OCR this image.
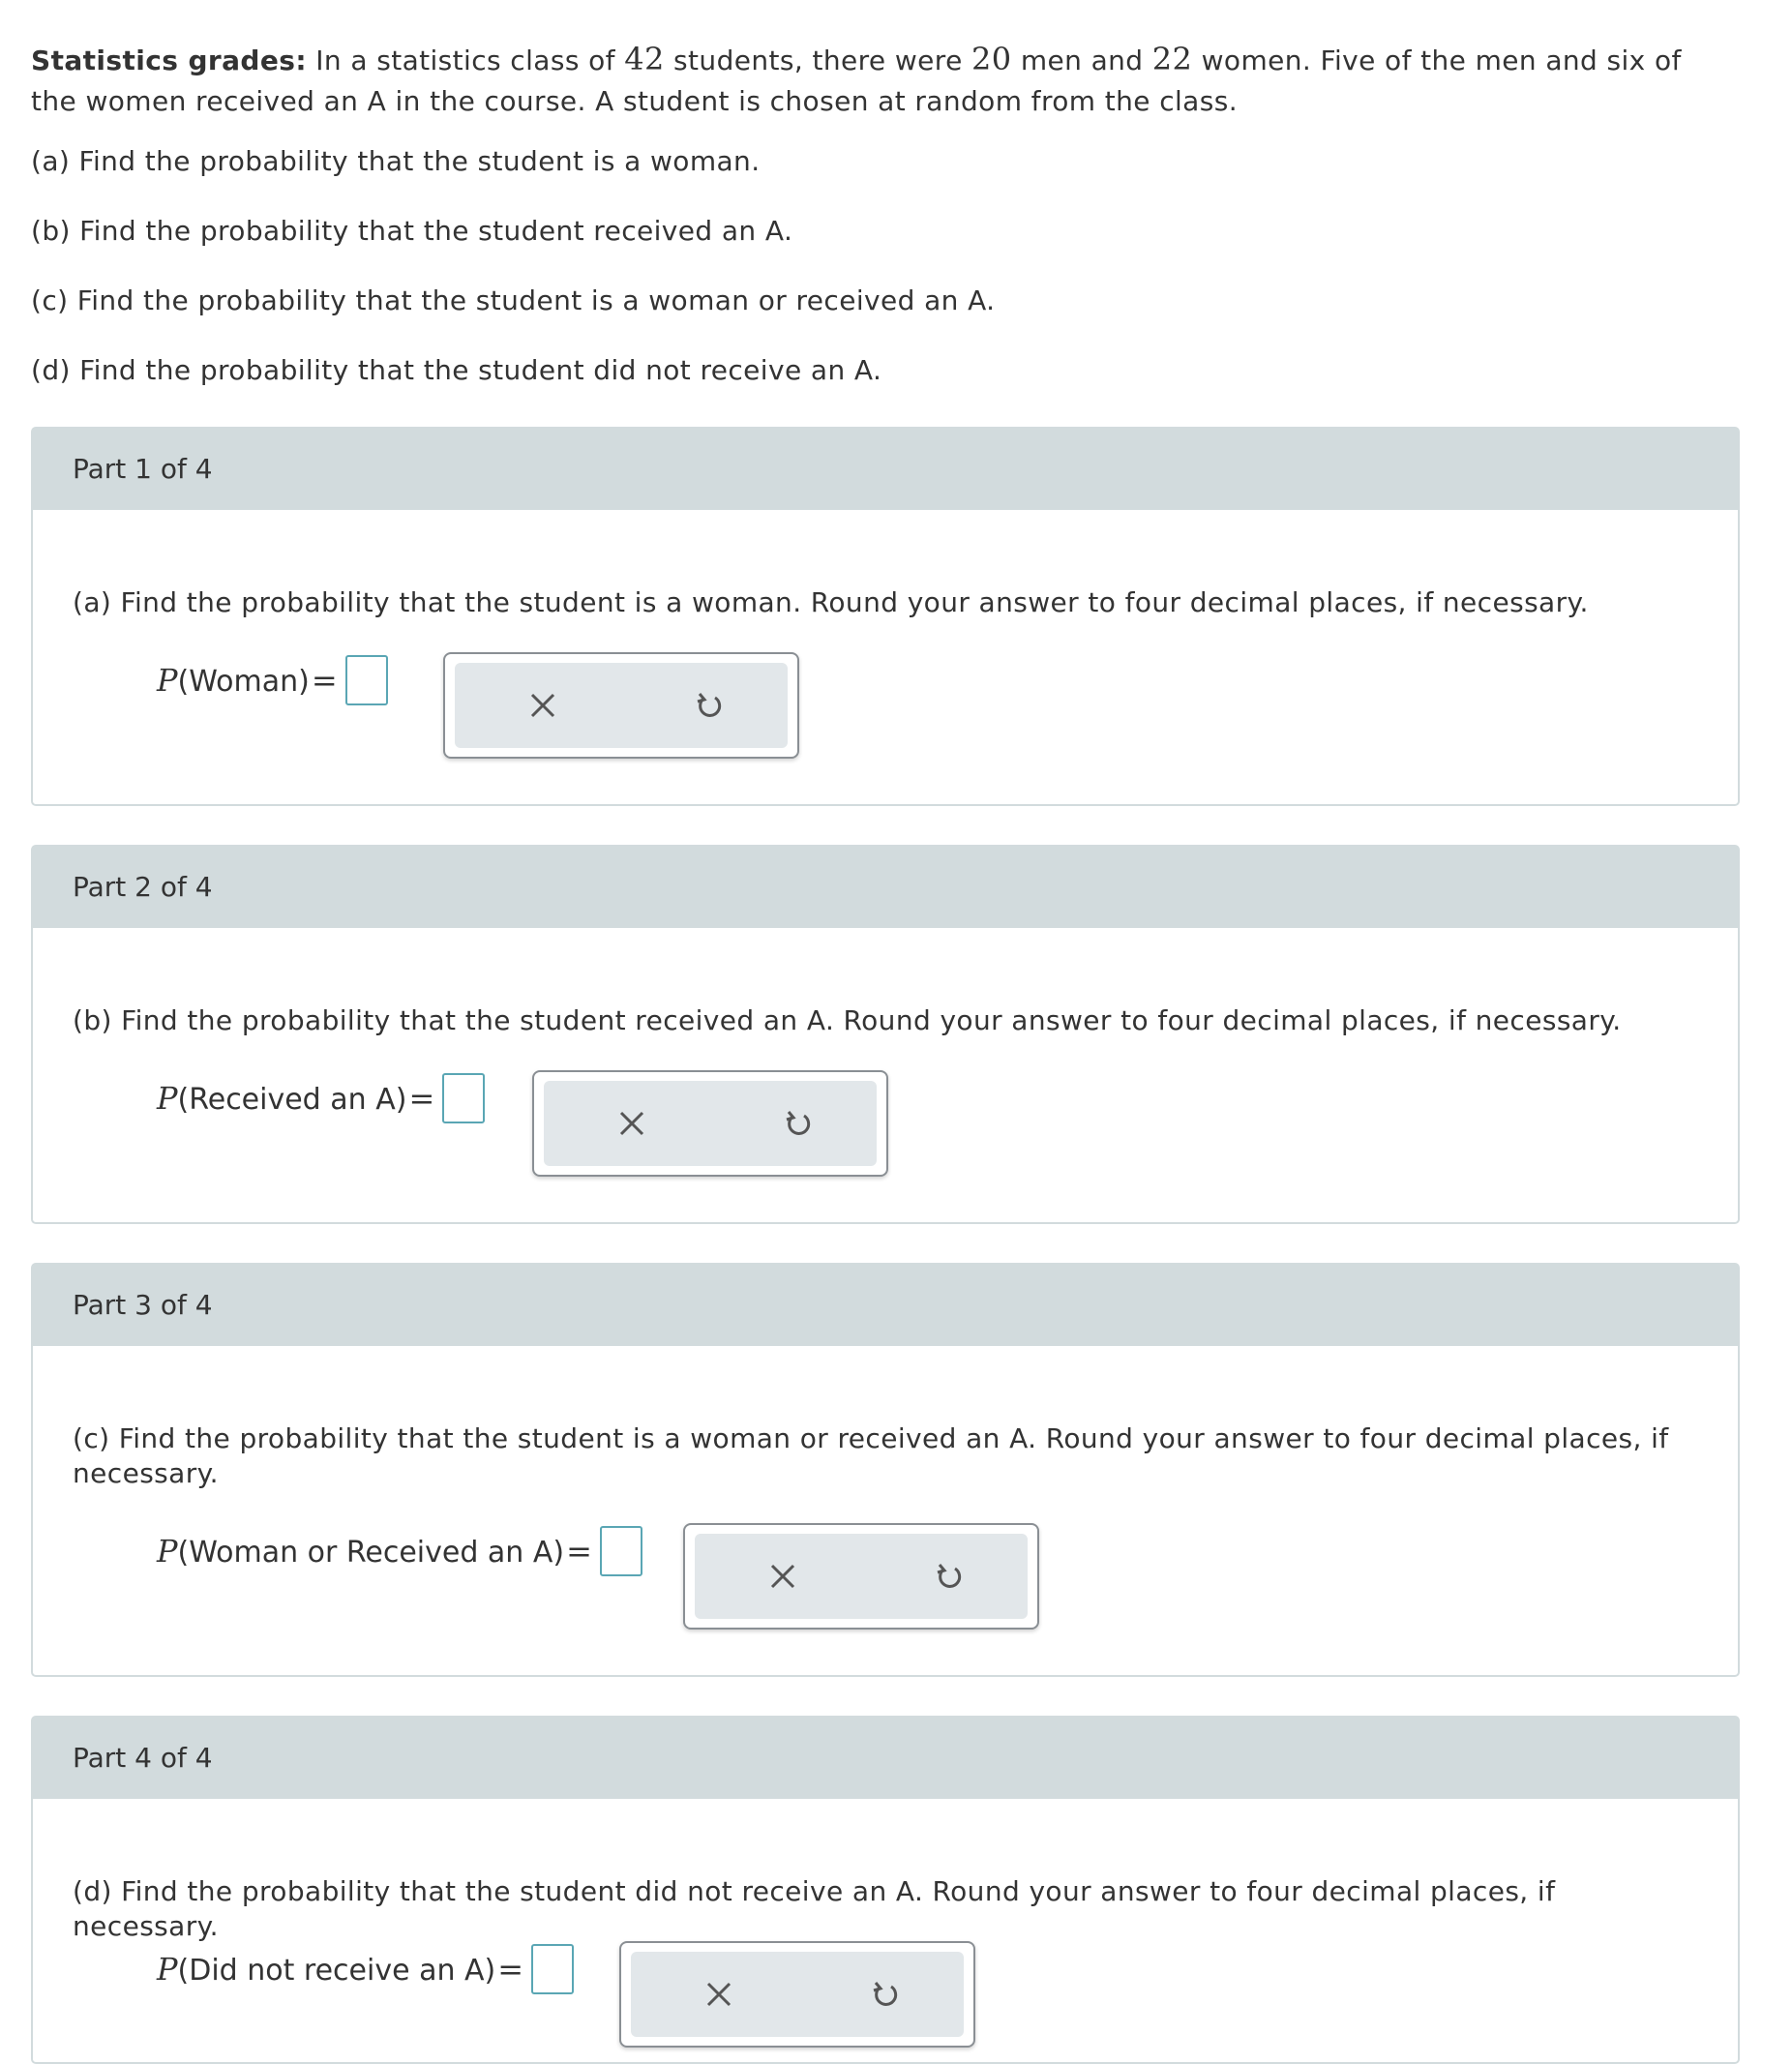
Statistics grades: In a statistics class of 42 students, there were 20 men and 22 women. Five of the men and six of the women received an A in the course. A student is chosen at random from the class.
(a) Find the probability that the student is a woman.
(b) Find the probability that the student received an A.
(c) Find the probability that the student is a woman or received an A.
(d) Find the probability that the student did not receive an A.
Part 1 of 4
(a) Find the probability that the student is a woman. Round your answer to four decimal places, if necessary.
P(Woman)=
Part 2 of 4
(b) Find the probability that the student received an A. Round your answer to four decimal places, if necessary.
P(Received an A)=
Part 3 of 4
(c) Find the probability that the student is a woman or received an A. Round your answer to four decimal places, if necessary.
P(Woman or Received an A)=
Part 4 of 4
(d) Find the probability that the student did not receive an A. Round your answer to four decimal places, if necessary.
P(Did not receive an A)=
